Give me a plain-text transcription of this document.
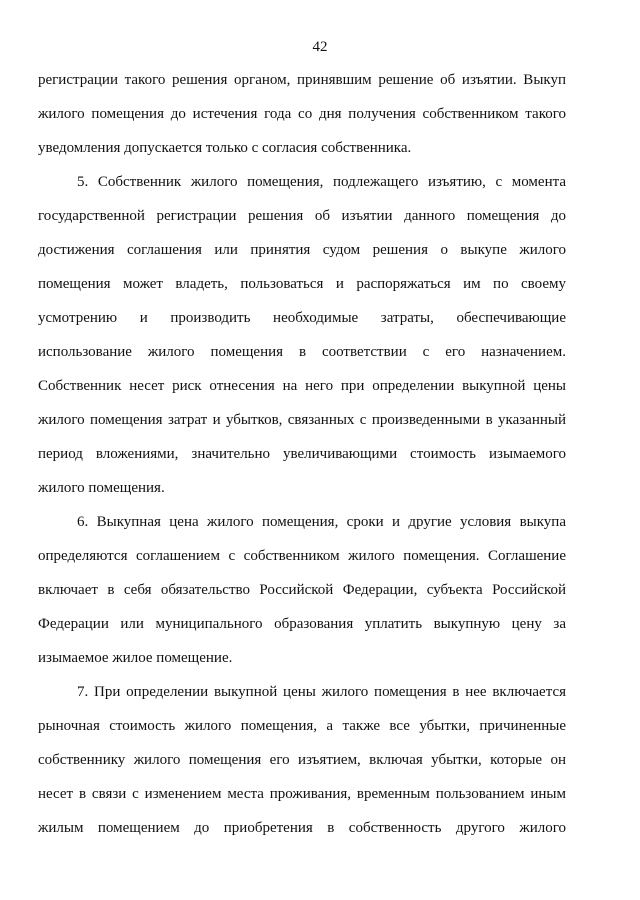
42

регистрации такого решения органом, принявшим решение об изъятии. Выкуп жилого помещения до истечения года со дня получения собственником такого уведомления допускается только с согласия собственника.

5. Собственник жилого помещения, подлежащего изъятию, с момента государственной регистрации решения об изъятии данного помещения до достижения соглашения или принятия судом решения о выкупе жилого помещения может владеть, пользоваться и распоряжаться им по своему усмотрению и производить необходимые затраты, обеспечивающие использование жилого помещения в соответствии с его назначением. Собственник несет риск отнесения на него при определении выкупной цены жилого помещения затрат и убытков, связанных с произведенными в указанный период вложениями, значительно увеличивающими стоимость изымаемого жилого помещения.

6. Выкупная цена жилого помещения, сроки и другие условия выкупа определяются соглашением с собственником жилого помещения. Соглашение включает в себя обязательство Российской Федерации, субъекта Российской Федерации или муниципального образования уплатить выкупную цену за изымаемое жилое помещение.

7. При определении выкупной цены жилого помещения в нее включается рыночная стоимость жилого помещения, а также все убытки, причиненные собственнику жилого помещения его изъятием, включая убытки, которые он несет в связи с изменением места проживания, временным пользованием иным жилым помещением до приобретения в собственность другого жилого
